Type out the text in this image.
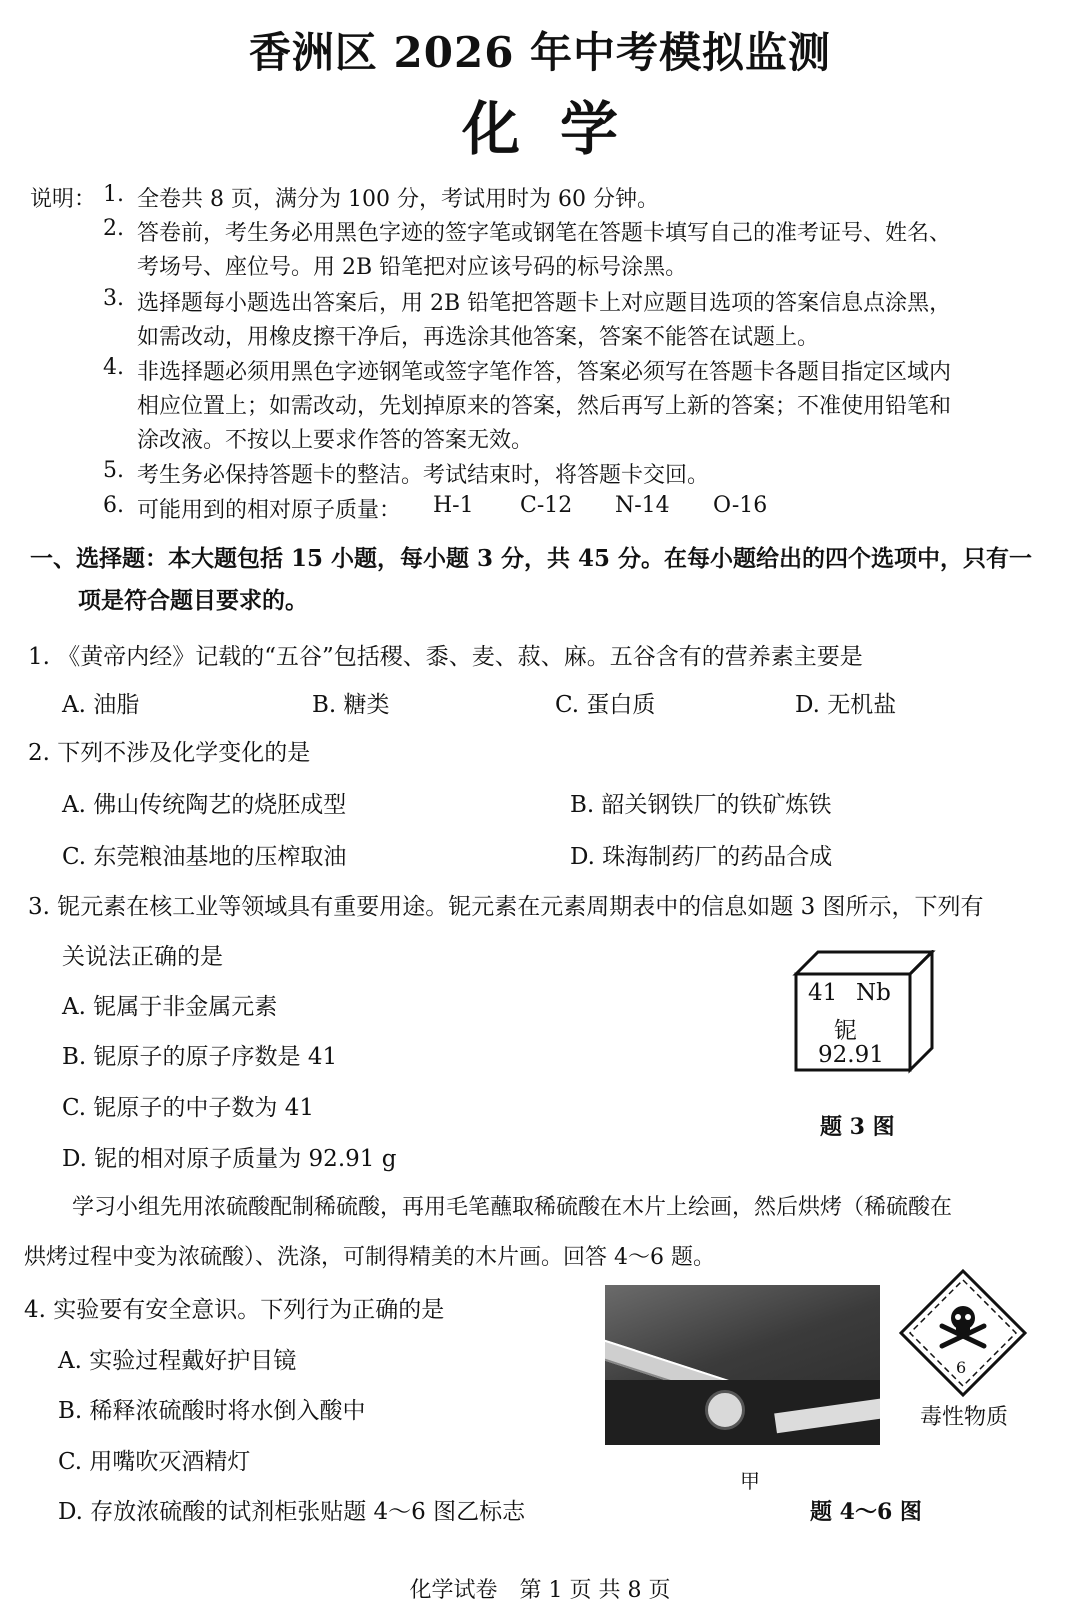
香洲区 2026 年中考模拟监测
化学
说明： 1. 全卷共 8 页，满分为 100 分，考试用时为 60 分钟。
2. 答卷前，考生务必用黑色字迹的签字笔或钢笔在答题卡填写自己的准考证号、姓名、
考场号、座位号。用 2B 铅笔把对应该号码的标号涂黑。
3. 选择题每小题选出答案后，用 2B 铅笔把答题卡上对应题目选项的答案信息点涂黑，
如需改动，用橡皮擦干净后，再选涂其他答案，答案不能答在试题上。
4. 非选择题必须用黑色字迹钢笔或签字笔作答，答案必须写在答题卡各题目指定区域内
相应位置上；如需改动，先划掉原来的答案，然后再写上新的答案；不准使用铅笔和
涂改液。不按以上要求作答的答案无效。
5. 考生务必保持答题卡的整洁。考试结束时，将答题卡交回。
6. 可能用到的相对原子质量： H-1 C-12 N-14 O-16
一、选择题：本大题包括 15 小题，每小题 3 分，共 45 分。在每小题给出的四个选项中，只有一
项是符合题目要求的。
1. 《黄帝内经》记载的“五谷”包括稷、黍、麦、菽、麻。五谷含有的营养素主要是
A. 油脂	B. 糖类	C. 蛋白质	D. 无机盐
2. 下列不涉及化学变化的是
A. 佛山传统陶艺的烧胚成型	B. 韶关钢铁厂的铁矿炼铁
C. 东莞粮油基地的压榨取油	D. 珠海制药厂的药品合成
3. 铌元素在核工业等领域具有重要用途。铌元素在元素周期表中的信息如题 3 图所示，下列有
关说法正确的是
A. 铌属于非金属元素
B. 铌原子的原子序数是 41
C. 铌原子的中子数为 41
D. 铌的相对原子质量为 92.91 g
41 Nb
铌
92.91
题 3 图
学习小组先用浓硫酸配制稀硫酸，再用毛笔蘸取稀硫酸在木片上绘画，然后烘烤（稀硫酸在
烘烤过程中变为浓硫酸）、洗涤，可制得精美的木片画。回答 4～6 题。
4. 实验要有安全意识。下列行为正确的是
A. 实验过程戴好护目镜
B. 稀释浓硫酸时将水倒入酸中
C. 用嘴吹灭酒精灯
D. 存放浓硫酸的试剂柜张贴题 4～6 图乙标志
甲
6
毒性物质
题 4～6 图
化学试卷　第 1 页 共 8 页
